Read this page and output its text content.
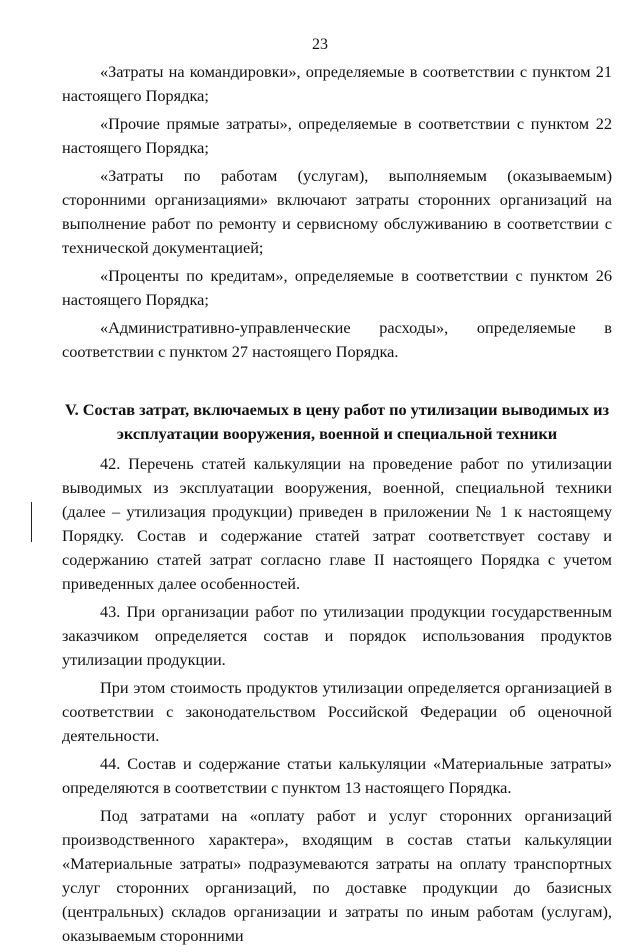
23

«Затраты на командировки», определяемые в соответствии с пунктом 21 настоящего Порядка;

«Прочие прямые затраты», определяемые в соответствии с пунктом 22 настоящего Порядка;

«Затраты по работам (услугам), выполняемым (оказываемым) сторонними организациями» включают затраты сторонних организаций на выполнение работ по ремонту и сервисному обслуживанию в соответствии с технической документацией;

«Проценты по кредитам», определяемые в соответствии с пунктом 26 настоящего Порядка;

«Административно-управленческие расходы», определяемые в соответствии с пунктом 27 настоящего Порядка.

V. Состав затрат, включаемых в цену работ по утилизации выводимых из эксплуатации вооружения, военной и специальной техники

42. Перечень статей калькуляции на проведение работ по утилизации выводимых из эксплуатации вооружения, военной, специальной техники (далее – утилизация продукции) приведен в приложении № 1 к настоящему Порядку. Состав и содержание статей затрат соответствует составу и содержанию статей затрат согласно главе II настоящего Порядка с учетом приведенных далее особенностей.

43. При организации работ по утилизации продукции государственным заказчиком определяется состав и порядок использования продуктов утилизации продукции.

При этом стоимость продуктов утилизации определяется организацией в соответствии с законодательством Российской Федерации об оценочной деятельности.

44. Состав и содержание статьи калькуляции «Материальные затраты» определяются в соответствии с пунктом 13 настоящего Порядка.

Под затратами на «оплату работ и услуг сторонних организаций производственного характера», входящим в состав статьи калькуляции «Материальные затраты» подразумеваются затраты на оплату транспортных услуг сторонних организаций, по доставке продукции до базисных (центральных) складов организации и затраты по иным работам (услугам), оказываемым сторонними
